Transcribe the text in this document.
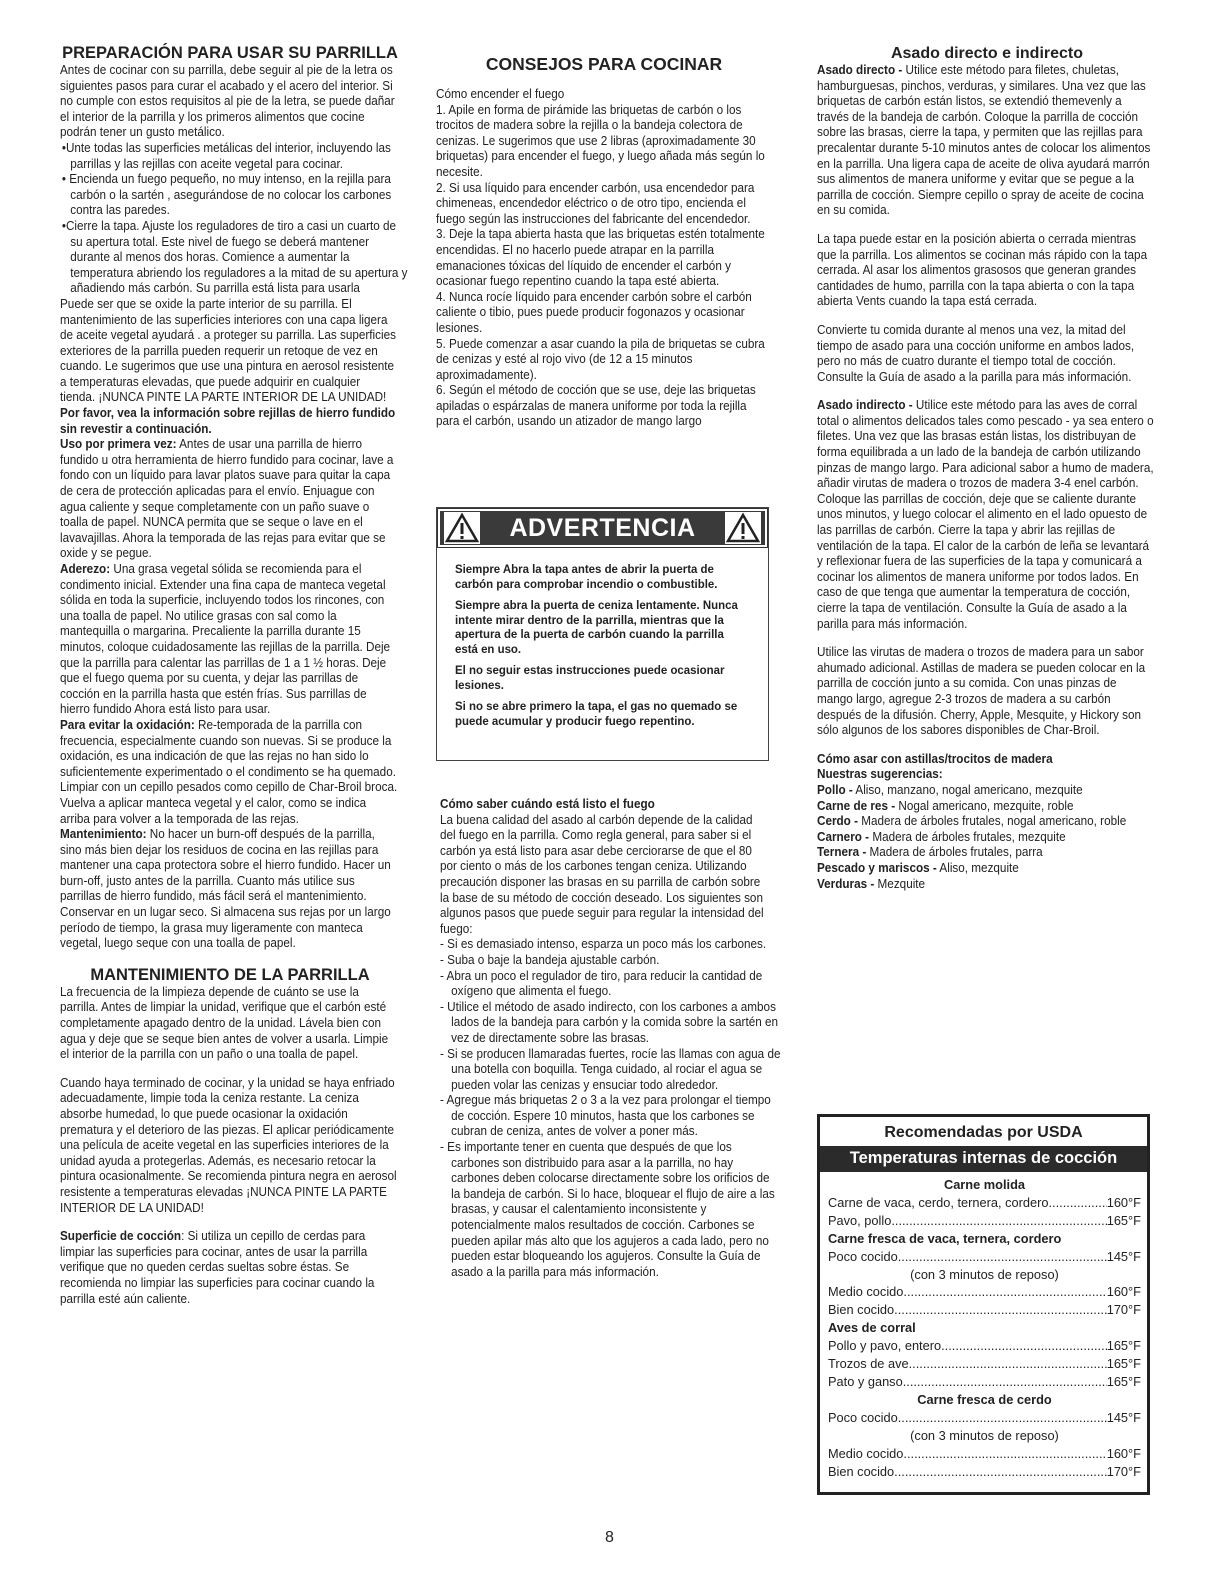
PREPARACIÓN PARA USAR SU PARRILLA

Antes de cocinar con su parrilla, debe seguir al pie de la letra os siguientes pasos para curar el acabado y el acero del interior. Si no cumple con estos requisitos al pie de la letra, se puede dañar el interior de la parrilla y los primeros alimentos que cocine podrán tener un gusto metálico.

•Unte todas las superficies metálicas del interior, incluyendo las parrillas y las rejillas con aceite vegetal para cocinar.

• Encienda un fuego pequeño, no muy intenso, en la rejilla para carbón o la sartén , asegurándose de no colocar los carbones contra las paredes.

•Cierre la tapa. Ajuste los reguladores de tiro a casi un cuarto de su apertura total. Este nivel de fuego se deberá mantener durante al menos dos horas. Comience a aumentar la temperatura abriendo los reguladores a la mitad de su apertura y añadiendo más carbón. Su parrilla está lista para usarla

Puede ser que se oxide la parte interior de su parrilla. El mantenimiento de las superficies interiores con una capa ligera de aceite vegetal ayudará . a proteger su parrilla. Las superficies exteriores de la parrilla pueden requerir un retoque de vez en cuando. Le sugerimos que use una pintura en aerosol resistente a temperaturas elevadas, que puede adquirir en cualquier tienda. ¡NUNCA PINTE LA PARTE INTERIOR DE LA UNIDAD!

Por favor, vea la información sobre rejillas de hierro fundido sin revestir a continuación.

Uso por primera vez: Antes de usar una parrilla de hierro fundido u otra herramienta de hierro fundido para cocinar, lave a fondo con un líquido para lavar platos suave para quitar la capa de cera de protección aplicadas para el envío. Enjuague con agua caliente y seque completamente con un paño suave o toalla de papel. NUNCA permita que se seque o lave en el lavavajillas. Ahora la temporada de las rejas para evitar que se oxide y se pegue.

Aderezo: Una grasa vegetal sólida se recomienda para el condimento inicial. Extender una fina capa de manteca vegetal sólida en toda la superficie, incluyendo todos los rincones, con una toalla de papel. No utilice grasas con sal como la mantequilla o margarina. Precaliente la parrilla durante 15 minutos, coloque cuidadosamente las rejillas de la parrilla. Deje que la parrilla para calentar las parrillas de 1 a 1 ½ horas. Deje que el fuego quema por su cuenta, y dejar las parrillas de cocción en la parrilla hasta que estén frías. Sus parrillas de hierro fundido Ahora está listo para usar.

Para evitar la oxidación: Re-temporada de la parrilla con frecuencia, especialmente cuando son nuevas. Si se produce la oxidación, es una indicación de que las rejas no han sido lo suficientemente experimentado o el condimento se ha quemado. Limpiar con un cepillo pesados como cepillo de Char-Broil broca. Vuelva a aplicar manteca vegetal y el calor, como se indica arriba para volver a la temporada de las rejas.

Mantenimiento: No hacer un burn-off después de la parrilla, sino más bien dejar los residuos de cocina en las rejillas para mantener una capa protectora sobre el hierro fundido. Hacer un burn-off, justo antes de la parrilla. Cuanto más utilice sus parrillas de hierro fundido, más fácil será el mantenimiento. Conservar en un lugar seco. Si almacena sus rejas por un largo período de tiempo, la grasa muy ligeramente con manteca vegetal, luego seque con una toalla de papel.

MANTENIMIENTO DE LA PARRILLA

La frecuencia de la limpieza depende de cuánto se use la parrilla. Antes de limpiar la unidad, verifique que el carbón esté completamente apagado dentro de la unidad. Lávela bien con agua y deje que se seque bien antes de volver a usarla. Limpie el interior de la parrilla con un paño o una toalla de papel.

Cuando haya terminado de cocinar, y la unidad se haya enfriado adecuadamente, limpie toda la ceniza restante. La ceniza absorbe humedad, lo que puede ocasionar la oxidación prematura y el deterioro de las piezas. El aplicar periódicamente una película de aceite vegetal en las superficies interiores de la unidad ayuda a protegerlas. Además, es necesario retocar la pintura ocasionalmente. Se recomienda pintura negra en aerosol resistente a temperaturas elevadas ¡NUNCA PINTE LA PARTE INTERIOR DE LA UNIDAD!

Superficie de cocción: Si utiliza un cepillo de cerdas para limpiar las superficies para cocinar, antes de usar la parrilla verifique que no queden cerdas sueltas sobre éstas. Se recomienda no limpiar las superficies para cocinar cuando la parrilla esté aún caliente.

CONSEJOS PARA COCINAR

Cómo encender el fuego

1. Apile en forma de pirámide las briquetas de carbón o los trocitos de madera sobre la rejilla o la bandeja colectora de cenizas. Le sugerimos que use 2 libras (aproximadamente 30 briquetas) para encender el fuego, y luego añada más según lo necesite.

2. Si usa líquido para encender carbón, usa encendedor para chimeneas, encendedor eléctrico o de otro tipo, encienda el fuego según las instrucciones del fabricante del encendedor.

3. Deje la tapa abierta hasta que las briquetas estén totalmente encendidas. El no hacerlo puede atrapar en la parrilla emanaciones tóxicas del líquido de encender el carbón y ocasionar fuego repentino cuando la tapa esté abierta.

4. Nunca rocíe líquido para encender carbón sobre el carbón caliente o tibio, pues puede producir fogonazos y ocasionar lesiones.

5. Puede comenzar a asar cuando la pila de briquetas se cubra de cenizas y esté al rojo vivo (de 12 a 15 minutos aproximadamente).

6. Según el método de cocción que se use, deje las briquetas apiladas o espárzalas de manera uniforme por toda la rejilla para el carbón, usando un atizador de mango largo

ADVERTENCIA

Siempre Abra la tapa antes de abrir la puerta de carbón para comprobar incendio o combustible.

Siempre abra la puerta de ceniza lentamente. Nunca intente mirar dentro de la parrilla, mientras que la apertura de la puerta de carbón cuando la parrilla está en uso.

El no seguir estas instrucciones puede ocasionar lesiones.

Si no se abre primero la tapa, el gas no quemado se puede acumular y producir fuego repentino.

Cómo saber cuándo está listo el fuego

La buena calidad del asado al carbón depende de la calidad del fuego en la parrilla. Como regla general, para saber si el carbón ya está listo para asar debe cerciorarse de que el 80 por ciento o más de los carbones tengan ceniza. Utilizando precaución disponer las brasas en su parrilla de carbón sobre la base de su método de cocción deseado. Los siguientes son algunos pasos que puede seguir para regular la intensidad del fuego:

- Si es demasiado intenso, esparza un poco más los carbones.

- Suba o baje la bandeja ajustable carbón.

- Abra un poco el regulador de tiro, para reducir la cantidad de oxígeno que alimenta el fuego.

- Utilice el método de asado indirecto, con los carbones a ambos lados de la bandeja para carbón y la comida sobre la sartén en vez de directamente sobre las brasas.

- Si se producen llamaradas fuertes, rocíe las llamas con agua de una botella con boquilla. Tenga cuidado, al rociar el agua se pueden volar las cenizas y ensuciar todo alrededor.

- Agregue más briquetas 2 o 3 a la vez para prolongar el tiempo de cocción. Espere 10 minutos, hasta que los carbones se cubran de ceniza, antes de volver a poner más.

- Es importante tener en cuenta que después de que los carbones son distribuido para asar a la parrilla, no hay carbones deben colocarse directamente sobre los orificios de la bandeja de carbón. Si lo hace, bloquear el flujo de aire a las brasas, y causar el calentamiento inconsistente y potencialmente malos resultados de cocción. Carbones se pueden apilar más alto que los agujeros a cada lado, pero no pueden estar bloqueando los agujeros. Consulte la Guía de asado a la parilla para más información.

Asado directo e indirecto

Asado directo - Utilice este método para filetes, chuletas, hamburguesas, pinchos, verduras, y similares. Una vez que las briquetas de carbón están listos, se extendió themevenly a través de la bandeja de carbón. Coloque la parrilla de cocción sobre las brasas, cierre la tapa, y permiten que las rejillas para precalentar durante 5-10 minutos antes de colocar los alimentos en la parrilla. Una ligera capa de aceite de oliva ayudará marrón sus alimentos de manera uniforme y evitar que se pegue a la parrilla de cocción. Siempre cepillo o spray de aceite de cocina en su comida.

La tapa puede estar en la posición abierta o cerrada mientras que la parrilla. Los alimentos se cocinan más rápido con la tapa cerrada. Al asar los alimentos grasosos que generan grandes cantidades de humo, parrilla con la tapa abierta o con la tapa abierta Vents cuando la tapa está cerrada.

Convierte tu comida durante al menos una vez, la mitad del tiempo de asado para una cocción uniforme en ambos lados, pero no más de cuatro durante el tiempo total de cocción. Consulte la Guía de asado a la parilla para más información.

Asado indirecto - Utilice este método para las aves de corral total o alimentos delicados tales como pescado - ya sea entero o filetes. Una vez que las brasas están listas, los distribuyan de forma equilibrada a un lado de la bandeja de carbón utilizando pinzas de mango largo. Para adicional sabor a humo de madera, añadir virutas de madera o trozos de madera 3-4 enel carbón. Coloque las parrillas de cocción, deje que se caliente durante unos minutos, y luego colocar el alimento en el lado opuesto de las parrillas de carbón. Cierre la tapa y abrir las rejillas de ventilación de la tapa. El calor de la carbón de leña se levantará y reflexionar fuera de las superficies de la tapa y comunicará a cocinar los alimentos de manera uniforme por todos lados. En caso de que tenga que aumentar la temperatura de cocción, cierre la tapa de ventilación. Consulte la Guía de asado a la parilla para más información.

Utilice las virutas de madera o trozos de madera para un sabor ahumado adicional. Astillas de madera se pueden colocar en la parrilla de cocción junto a su comida. Con unas pinzas de mango largo, agregue 2-3 trozos de madera a su carbón después de la difusión. Cherry, Apple, Mesquite, y Hickory son sólo algunos de los sabores disponibles de Char-Broil.

Cómo asar con astillas/trocitos de madera

Nuestras sugerencias:

Pollo - Aliso, manzano, nogal americano, mezquite

Carne de res - Nogal americano, mezquite, roble

Cerdo - Madera de árboles frutales, nogal americano, roble

Carnero - Madera de árboles frutales, mezquite

Ternera - Madera de árboles frutales, parra

Pescado y mariscos - Aliso, mezquite

Verduras - Mezquite

Recomendadas por USDA
Temperaturas internas de cocción
Carne molida
Carne de vaca, cerdo, ternera, cordero .....	160°F
Pavo, pollo .....	165°F
Carne fresca de vaca, ternera, cordero
Poco cocido .....	145°F
(con 3 minutos de reposo)
Medio cocido .....	160°F
Bien cocido .....	170°F
Aves de corral
Pollo y pavo, entero .....	165°F
Trozos de ave .....	165°F
Pato y ganso .....	165°F
Carne fresca de cerdo
Poco cocido .....	145°F
(con 3 minutos de reposo)
Medio cocido .....	160°F
Bien cocido .....	170°F
8
